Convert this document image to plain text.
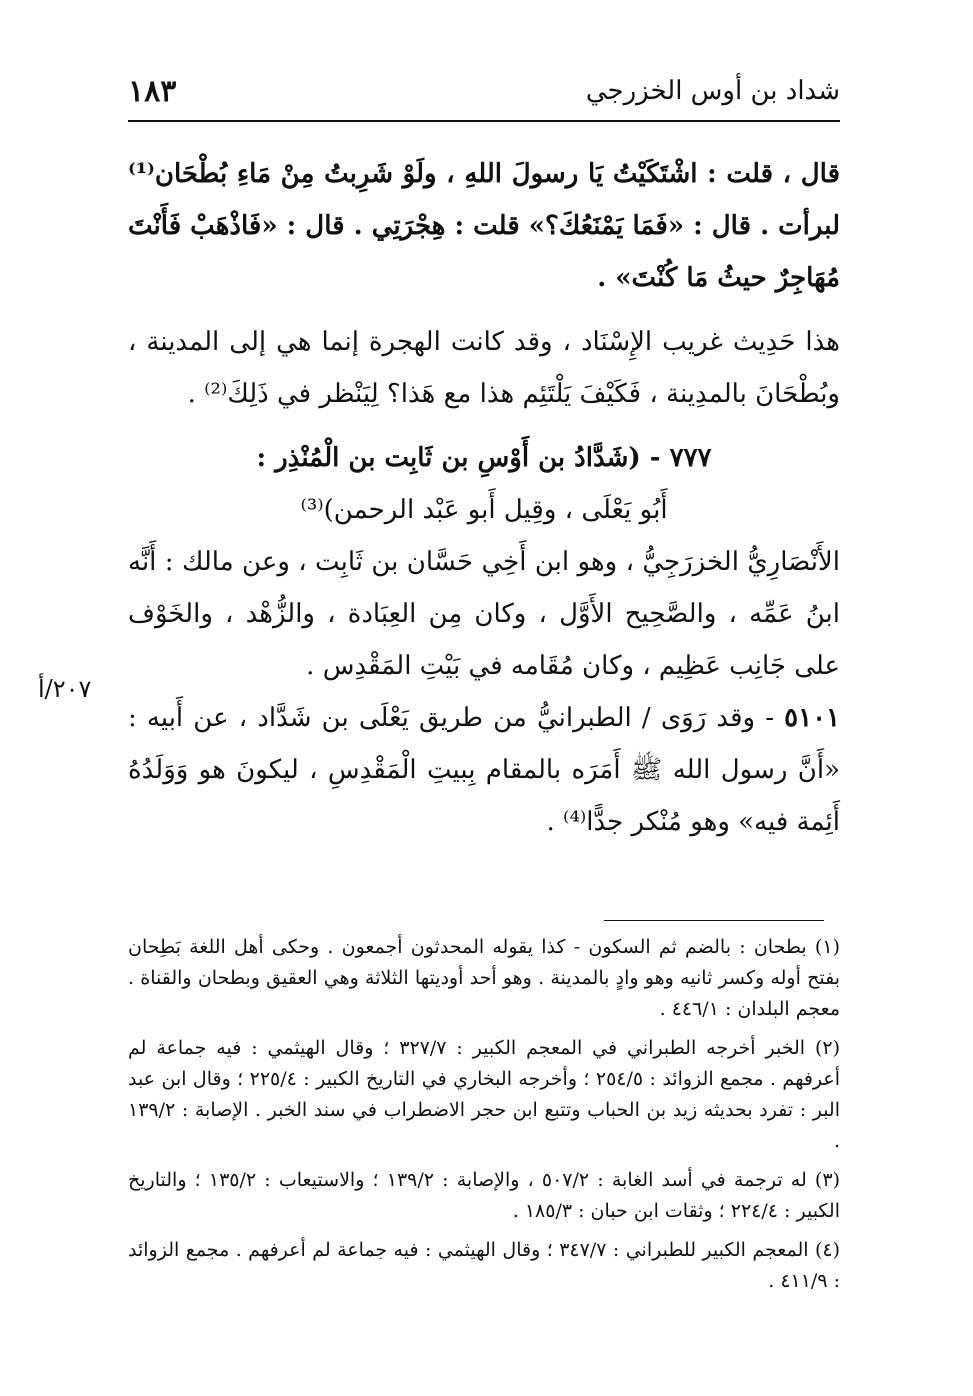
شداد بن أوس الخزرجي
١٨٣

قال ، قلت : اشْتَكَيْتُ يَا رسولَ اللهِ ، ولَوْ شَرِبتُ مِنْ مَاءِ بُطْحَان⁽¹⁾ لبرأت . قال : «فَمَا يَمْنَعُكَ؟» قلت : هِجْرَتِي . قال : «فَاذْهَبْ فَأَنْتَ مُهَاجِرٌ حيثُ مَا كُنْتَ» .

هذا حَدِيث غريب الإِسْنَاد ، وقد كانت الهجرة إنما هي إلى المدينة ، وبُطْحَانَ بالمدِينة ، فَكَيْفَ يَلْتَئِم هذا مع هَذا؟ لِيَنْظر في ذَلِكَ⁽²⁾ .

٧٧٧ - (شَدَّادُ بن أَوْسِ بن ثَابِت بن الْمُنْذِر :

أَبُو يَعْلَى ، وقِيل أَبو عَبْد الرحمن)⁽³⁾

الأَنْصَارِيُّ الخزرَجِيُّ ، وهو ابن أَخِي حَسَّان بن ثَابِت ، وعن مالك : أَنَّه ابنُ عَمِّه ، والصَّحِيح الأَوَّل ، وكان مِن العِبَادة ، والزُّهْد ، والخَوْف على جَانِب عَظِيم ، وكان مُقَامه في بَيْتِ المَقْدِس .

٥١٠١ - وقد رَوَى / الطبرانيُّ من طريق يَعْلَى بن شَدَّاد ، عن أَبيه : «أَنَّ رسول الله ﷺ أَمَرَه بالمقام بِبيتِ الْمَقْدِسِ ، ليكونَ هو وَوَلَدُهُ أَئِمة فيه» وهو مُنْكر جدًّا⁽⁴⁾ .

٢٠٧/أ

(١) بطحان : بالضم ثم السكون - كذا يقوله المحدثون أجمعون . وحكى أهل اللغة بَطِحان بفتح أوله وكسر ثانيه وهو وادٍ بالمدينة . وهو أحد أوديتها الثلاثة وهي العقيق وبطحان والقناة . معجم البلدان : ٤٤٦/١ .

(٢) الخبر أخرجه الطبراني في المعجم الكبير : ٣٢٧/٧ ؛ وقال الهيثمي : فيه جماعة لم أعرفهم . مجمع الزوائد : ٢٥٤/٥ ؛ وأخرجه البخاري في التاريخ الكبير : ٢٢٥/٤ ؛ وقال ابن عبد البر : تفرد بحديثه زيد بن الحباب وتتبع ابن حجر الاضطراب في سند الخبر . الإصابة : ١٣٩/٢ .

(٣) له ترجمة في أسد الغابة : ٥٠٧/٢ ، والإصابة : ١٣٩/٢ ؛ والاستيعاب : ١٣٥/٢ ؛ والتاريخ الكبير : ٢٢٤/٤ ؛ وثقات ابن حبان : ١٨٥/٣ .

(٤) المعجم الكبير للطبراني : ٣٤٧/٧ ؛ وقال الهيثمي : فيه جماعة لم أعرفهم . مجمع الزوائد : ٤١١/٩ .
